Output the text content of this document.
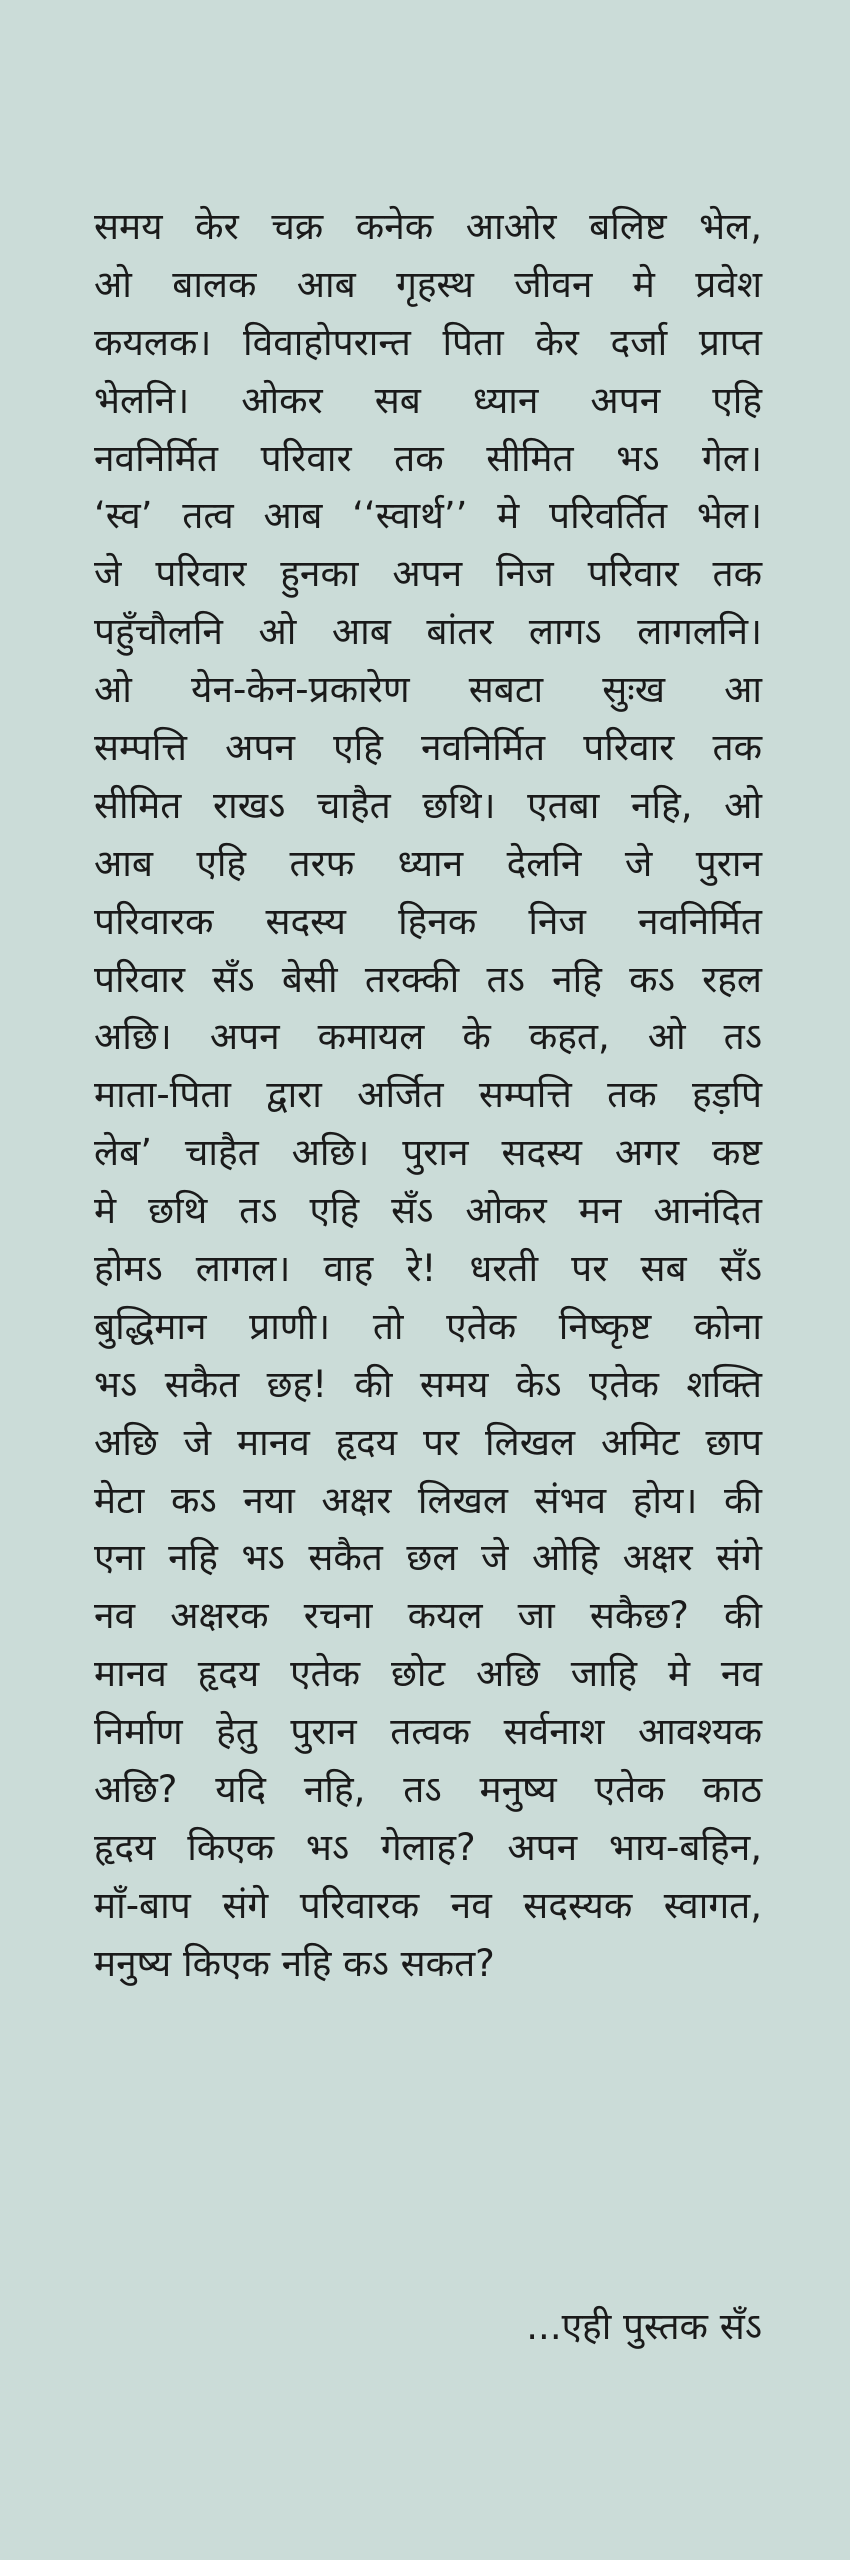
समय केर चक्र कनेक आओर बलिष्ट भेल,
ओ बालक आब गृहस्थ जीवन मे प्रवेश
कयलक। विवाहोपरान्त पिता केर दर्जा प्राप्त
भेलनि। ओकर सब ध्यान अपन एहि
नवनिर्मित परिवार तक सीमित भऽ गेल।
‘स्व’ तत्व आब ‘‘स्वार्थ’’ मे परिवर्तित भेल।
जे परिवार हुनका अपन निज परिवार तक
पहुँचौलनि ओ आब बांतर लागऽ लागलनि।
ओ येन-केन-प्रकारेण सबटा सुःख आ
सम्पत्ति अपन एहि नवनिर्मित परिवार तक
सीमित राखऽ चाहैत छथि। एतबा नहि, ओ
आब एहि तरफ ध्यान देलनि जे पुरान
परिवारक सदस्य हिनक निज नवनिर्मित
परिवार सँऽ बेसी तरक्की तऽ नहि कऽ रहल
अछि। अपन कमायल के कहत, ओ तऽ
माता-पिता द्वारा अर्जित सम्पत्ति तक हड़पि
लेब’ चाहैत अछि। पुरान सदस्य अगर कष्ट
मे छथि तऽ एहि सँऽ ओकर मन आनंदित
होमऽ लागल। वाह रे! धरती पर सब सँऽ
बुद्धिमान प्राणी। तो एतेक निष्कृष्ट कोना
भऽ सकैत छह! की समय केऽ एतेक शक्ति
अछि जे मानव हृदय पर लिखल अमिट छाप
मेटा कऽ नया अक्षर लिखल संभव होय। की
एना नहि भऽ सकैत छल जे ओहि अक्षर संगे
नव अक्षरक रचना कयल जा सकैछ? की
मानव हृदय एतेक छोट अछि जाहि मे नव
निर्माण हेतु पुरान तत्वक सर्वनाश आवश्यक
अछि? यदि नहि, तऽ मनुष्य एतेक काठ
हृदय किएक भऽ गेलाह? अपन भाय-बहिन,
माँ-बाप संगे परिवारक नव सदस्यक स्वागत,
मनुष्य किएक नहि कऽ सकत?
...एही पुस्तक सँऽ
